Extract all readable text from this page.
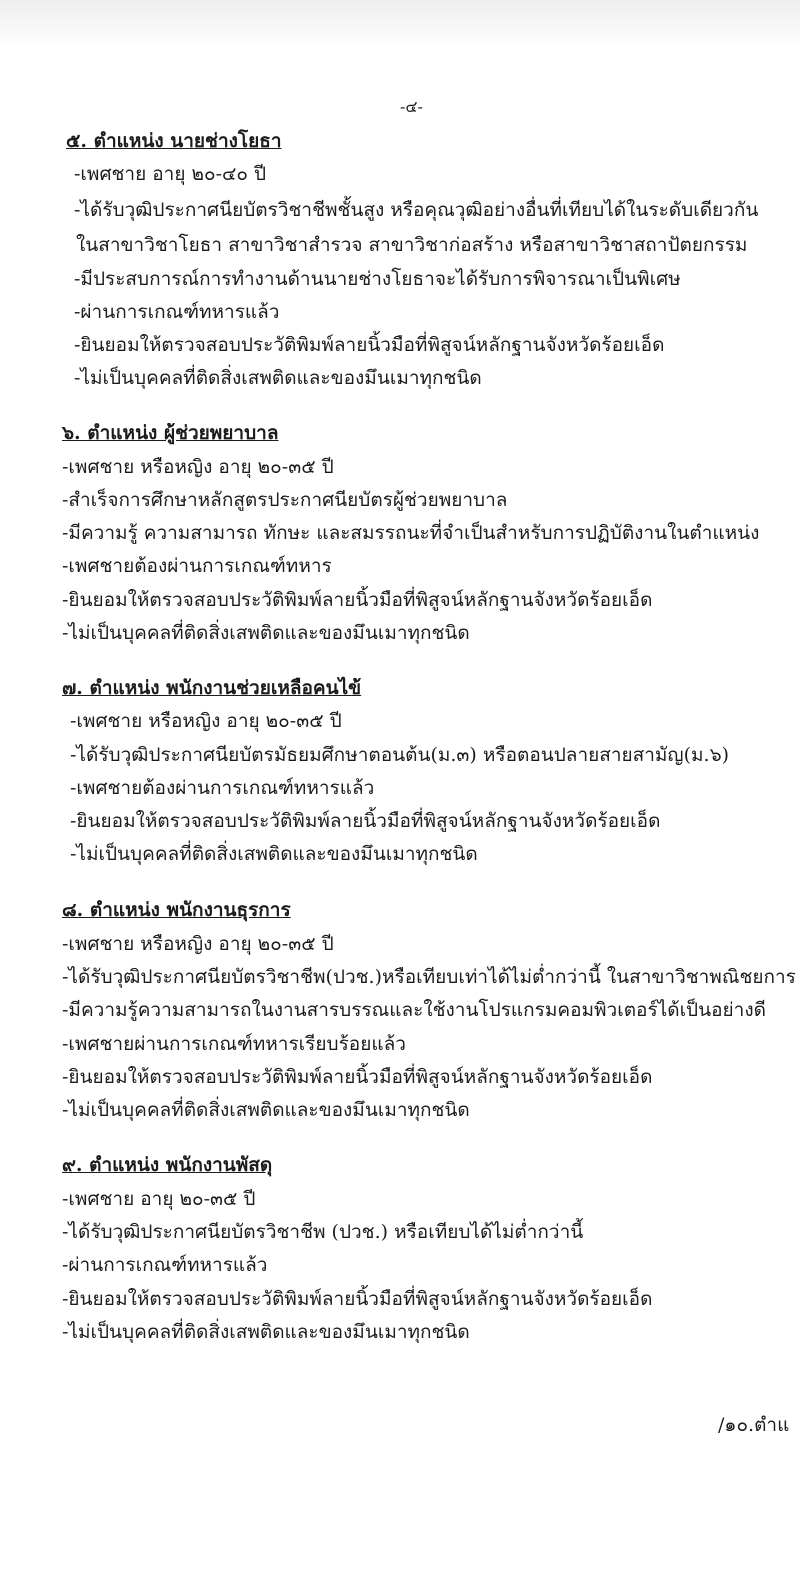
-๔-
๕. ตำแหน่ง นายช่างโยธา
-เพศชาย อายุ ๒๐-๔๐ ปี
-ได้รับวุฒิประกาศนียบัตรวิชาชีพชั้นสูง หรือคุณวุฒิอย่างอื่นที่เทียบได้ในระดับเดียวกัน
ในสาขาวิชาโยธา สาขาวิชาสำรวจ สาขาวิชาก่อสร้าง หรือสาขาวิชาสถาปัตยกรรม
-มีประสบการณ์การทำงานด้านนายช่างโยธาจะได้รับการพิจารณาเป็นพิเศษ
-ผ่านการเกณฑ์ทหารแล้ว
-ยินยอมให้ตรวจสอบประวัติพิมพ์ลายนิ้วมือที่พิสูจน์หลักฐานจังหวัดร้อยเอ็ด
-ไม่เป็นบุคคลที่ติดสิ่งเสพติดและของมึนเมาทุกชนิด
๖. ตำแหน่ง ผู้ช่วยพยาบาล
-เพศชาย หรือหญิง อายุ ๒๐-๓๕ ปี
-สำเร็จการศึกษาหลักสูตรประกาศนียบัตรผู้ช่วยพยาบาล
-มีความรู้ ความสามารถ ทักษะ และสมรรถนะที่จำเป็นสำหรับการปฏิบัติงานในตำแหน่ง
-เพศชายต้องผ่านการเกณฑ์ทหาร
-ยินยอมให้ตรวจสอบประวัติพิมพ์ลายนิ้วมือที่พิสูจน์หลักฐานจังหวัดร้อยเอ็ด
-ไม่เป็นบุคคลที่ติดสิ่งเสพติดและของมึนเมาทุกชนิด
๗. ตำแหน่ง พนักงานช่วยเหลือคนไข้
-เพศชาย หรือหญิง อายุ ๒๐-๓๕ ปี
-ได้รับวุฒิประกาศนียบัตรมัธยมศึกษาตอนต้น(ม.๓) หรือตอนปลายสายสามัญ(ม.๖)
-เพศชายต้องผ่านการเกณฑ์ทหารแล้ว
-ยินยอมให้ตรวจสอบประวัติพิมพ์ลายนิ้วมือที่พิสูจน์หลักฐานจังหวัดร้อยเอ็ด
-ไม่เป็นบุคคลที่ติดสิ่งเสพติดและของมึนเมาทุกชนิด
๘. ตำแหน่ง พนักงานธุรการ
-เพศชาย หรือหญิง อายุ ๒๐-๓๕ ปี
-ได้รับวุฒิประกาศนียบัตรวิชาชีพ(ปวช.)หรือเทียบเท่าได้ไม่ต่ำกว่านี้ ในสาขาวิชาพณิชยการ
-มีความรู้ความสามารถในงานสารบรรณและใช้งานโปรแกรมคอมพิวเตอร์ได้เป็นอย่างดี
-เพศชายผ่านการเกณฑ์ทหารเรียบร้อยแล้ว
-ยินยอมให้ตรวจสอบประวัติพิมพ์ลายนิ้วมือที่พิสูจน์หลักฐานจังหวัดร้อยเอ็ด
-ไม่เป็นบุคคลที่ติดสิ่งเสพติดและของมึนเมาทุกชนิด
๙. ตำแหน่ง พนักงานพัสดุ
-เพศชาย อายุ ๒๐-๓๕ ปี
-ได้รับวุฒิประกาศนียบัตรวิชาชีพ (ปวช.) หรือเทียบได้ไม่ต่ำกว่านี้
-ผ่านการเกณฑ์ทหารแล้ว
-ยินยอมให้ตรวจสอบประวัติพิมพ์ลายนิ้วมือที่พิสูจน์หลักฐานจังหวัดร้อยเอ็ด
-ไม่เป็นบุคคลที่ติดสิ่งเสพติดและของมึนเมาทุกชนิด
/๑๐.ตำแ
